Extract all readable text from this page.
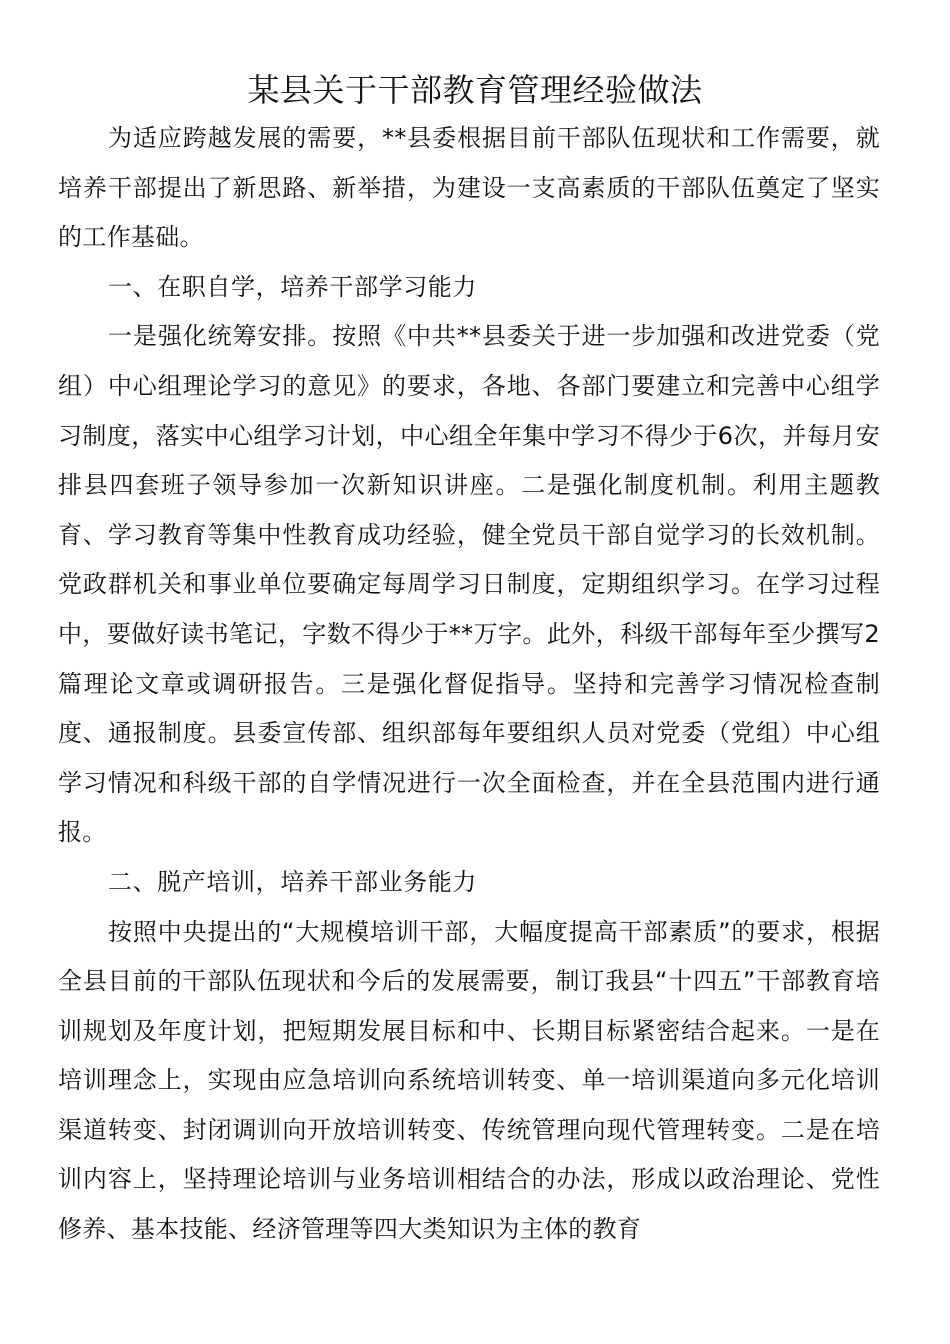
某县关于干部教育管理经验做法

为适应跨越发展的需要，**县委根据目前干部队伍现状和工作需要，就培养干部提出了新思路、新举措，为建设一支高素质的干部队伍奠定了坚实的工作基础。

一、在职自学，培养干部学习能力

一是强化统筹安排。按照《中共**县委关于进一步加强和改进党委（党组）中心组理论学习的意见》的要求，各地、各部门要建立和完善中心组学习制度，落实中心组学习计划，中心组全年集中学习不得少于6次，并每月安排县四套班子领导参加一次新知识讲座。二是强化制度机制。利用主题教育、学习教育等集中性教育成功经验，健全党员干部自觉学习的长效机制。党政群机关和事业单位要确定每周学习日制度，定期组织学习。在学习过程中，要做好读书笔记，字数不得少于**万字。此外，科级干部每年至少撰写2篇理论文章或调研报告。三是强化督促指导。坚持和完善学习情况检查制度、通报制度。县委宣传部、组织部每年要组织人员对党委（党组）中心组学习情况和科级干部的自学情况进行一次全面检查，并在全县范围内进行通报。

二、脱产培训，培养干部业务能力

按照中央提出的“大规模培训干部，大幅度提高干部素质”的要求，根据全县目前的干部队伍现状和今后的发展需要，制订我县“十四五”干部教育培训规划及年度计划，把短期发展目标和中、长期目标紧密结合起来。一是在培训理念上，实现由应急培训向系统培训转变、单一培训渠道向多元化培训渠道转变、封闭调训向开放培训转变、传统管理向现代管理转变。二是在培训内容上，坚持理论培训与业务培训相结合的办法，形成以政治理论、党性修养、基本技能、经济管理等四大类知识为主体的教育
